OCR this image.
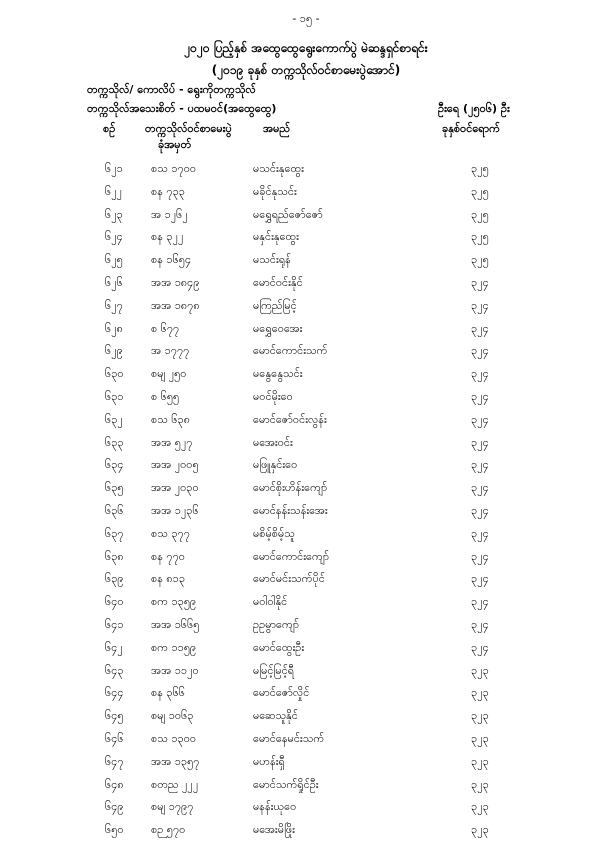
- ၁၅ -
၂၀၂၀ ပြည့်နှစ် အထွေထွေရွေးကောက်ပွဲ မဲဆန္ဒရှင်စာရင်း
(၂၀၁၉ ခုနှစ် တက္ကသိုလ်ဝင်စာမေးပွဲအောင်)
တက္ကသိုလ်/ ကောလိပ် - ရွေးကိုတက္ကသိုလ်
တက္ကသိုလ်အသေးစိတ် - ပထမဝင်(အထွေထွေ)	ဦးရေ (၂၅၀၆) ဦး
စဉ်	တက္ကသိုလ်ဝင်စာမေးပွဲ
ခုံအမှတ်
အမည်	ခုနှစ်ဝင်ရောက်
၆၂၁	စသ ၁၇၀၀	မသင်းနုထွေး	၃၂၅
၆၂၂	စန ၇၃၃	မခိုင်နုသင်း	၃၂၅
၆၂၃	အ ၁၂၆၂	မရွှေရည်ဇော်ဇော်	၃၂၅
၆၂၄	စန ၃၂၂	မနှင်းနုထွေး	၃၂၅
၆၂၅	စန ၁၆၅၄	မသင်းရုန်	၃၂၅
၆၂၆	အအ ၁၈၄၉	မောင်ဝင်းနိုင်	၃၂၄
၆၂၇	အအ ၁၈၇၈	မကြည်မြင့်	၃၂၄
၆၂၈	စ ၆၇၇	မရွှေဝေအေး	၃၂၄
၆၂၉	အ ၁၇၇၇	မောင်ကောင်းသက်	၃၂၄
၆၃၀ စမျ ၂၅၀	မနွေနွေသင်း	၃၂၄
၆၃၁ စ ၆၅၅	မဝင်မိုးဝေ	၃၂၄
၆၃၂	စသ ၆၃၈	မောင်ဇော်ဝင်းလွန်း	၃၂၄
၆၃၃ အအ ၅၂၇	မအေးဝင်း	၃၂၄
၆၃၄ အအ ၂၀၀၅	မဖြူနှင်းဝေ	၃၂၄
၆၃၅ အအ ၂၀၃၀	မောင်စိုးဟိန်းကျော်	၃၂၄
၆၃၆ အအ ၁၂၃၆	မောင်နန်းသန်းအေး	၃၂၄
၆၃၇ စသ ၃၇၇	မစိမ့်စိမ့်သူ	၃၂၄
၆၃၈ စန ၇၇၀	မောင်ကောင်းကျော်	၃၂၄
၆၃၉ စန ၈၁၃	မောင်မင်းသက်ပိုင်	၃၂၄
၆၄၀ စက ၁၃၅၉	မဝါဝါနိုင်	၃၂၄
၆၄၁ အအ ၁၆၆၅	ဥဥမွာကျော်	၃၂၄
၆၄၂	စက ၁၁၅၉	မောင်ထွေးဦး	၃၂၄
၆၄၃ အအ ၁၁၂၀	မမြင့်မြင့်ရီ	၃၂၃
၆၄၄ စန ၃၆၆	မောင်ဇော်လှိုင်	၃၂၃
၆၄၅ စမျ ၁၀၆၃	မဆေသူနိုင်	၃၂၃
၆၄၆ စသ ၁၃၀၀	မောင်နေမင်းသက်	၃၂၃
၆၄၇ အအ ၁၃၅၇	မဟန်းရှီ	၃၂၃
၆၄၈ စတည ၂၂၂	မောင်သက်ရှိုင်ဦး	၃၂၃
၆၄၉ စမျ ၁၇၉၇	မနန်းယုဝေ	၃၂၃
၆၅၀ စဉ ၅၇၀	မအေးမိဖြိုး	၃၂၃
